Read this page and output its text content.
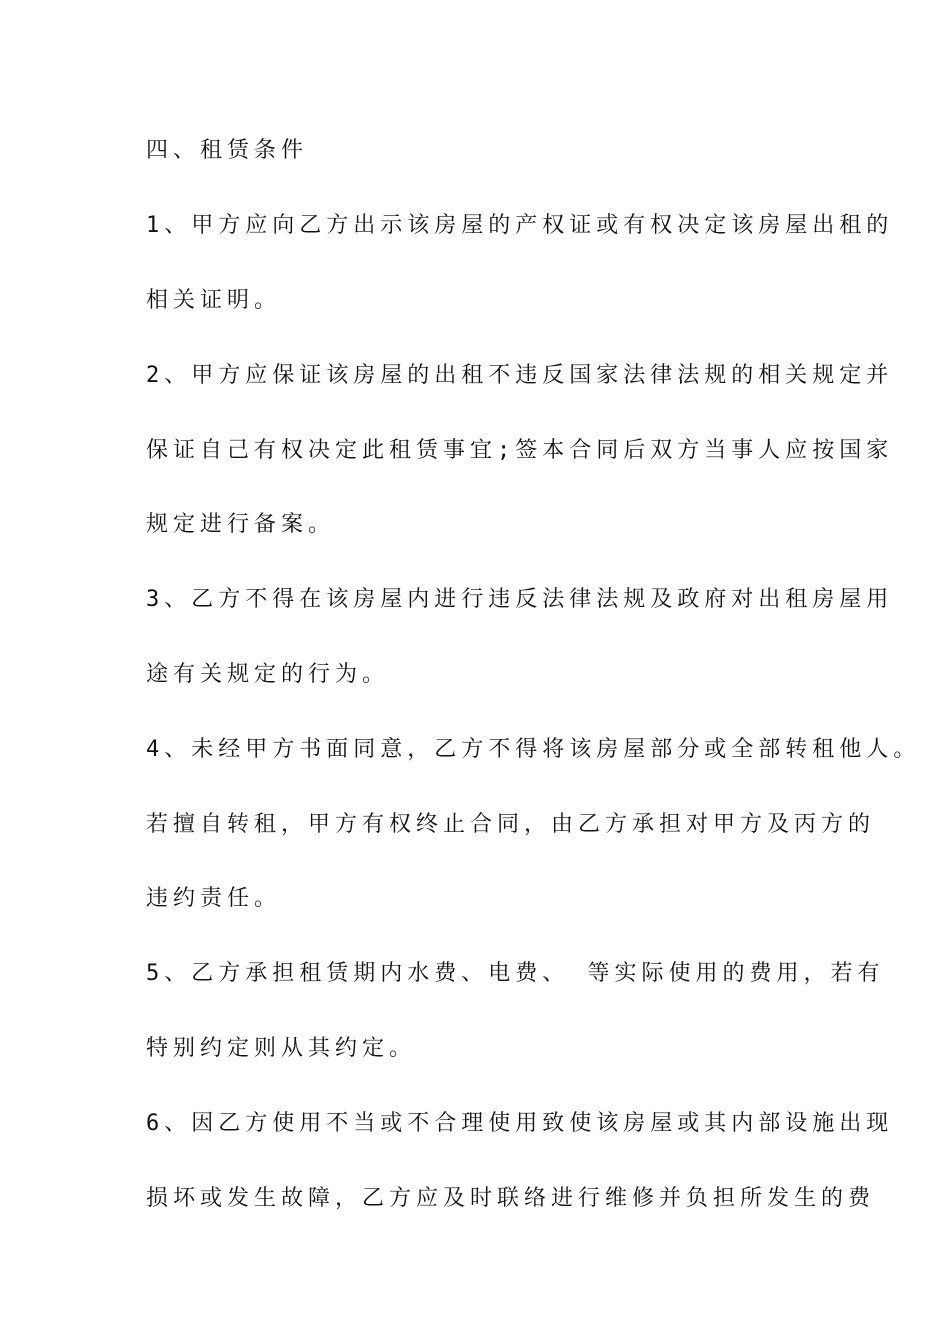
四、租赁条件

1、甲方应向乙方出示该房屋的产权证或有权决定该房屋出租的

相关证明。

2、甲方应保证该房屋的出租不违反国家法律法规的相关规定并

保证自己有权决定此租赁事宜;签本合同后双方当事人应按国家

规定进行备案。

3、乙方不得在该房屋内进行违反法律法规及政府对出租房屋用

途有关规定的行为。

4、未经甲方书面同意，乙方不得将该房屋部分或全部转租他人。

若擅自转租，甲方有权终止合同，由乙方承担对甲方及丙方的

违约责任。

5、乙方承担租赁期内水费、电费、 等实际使用的费用，若有

特别约定则从其约定。

6、因乙方使用不当或不合理使用致使该房屋或其内部设施出现

损坏或发生故障，乙方应及时联络进行维修并负担所发生的费
